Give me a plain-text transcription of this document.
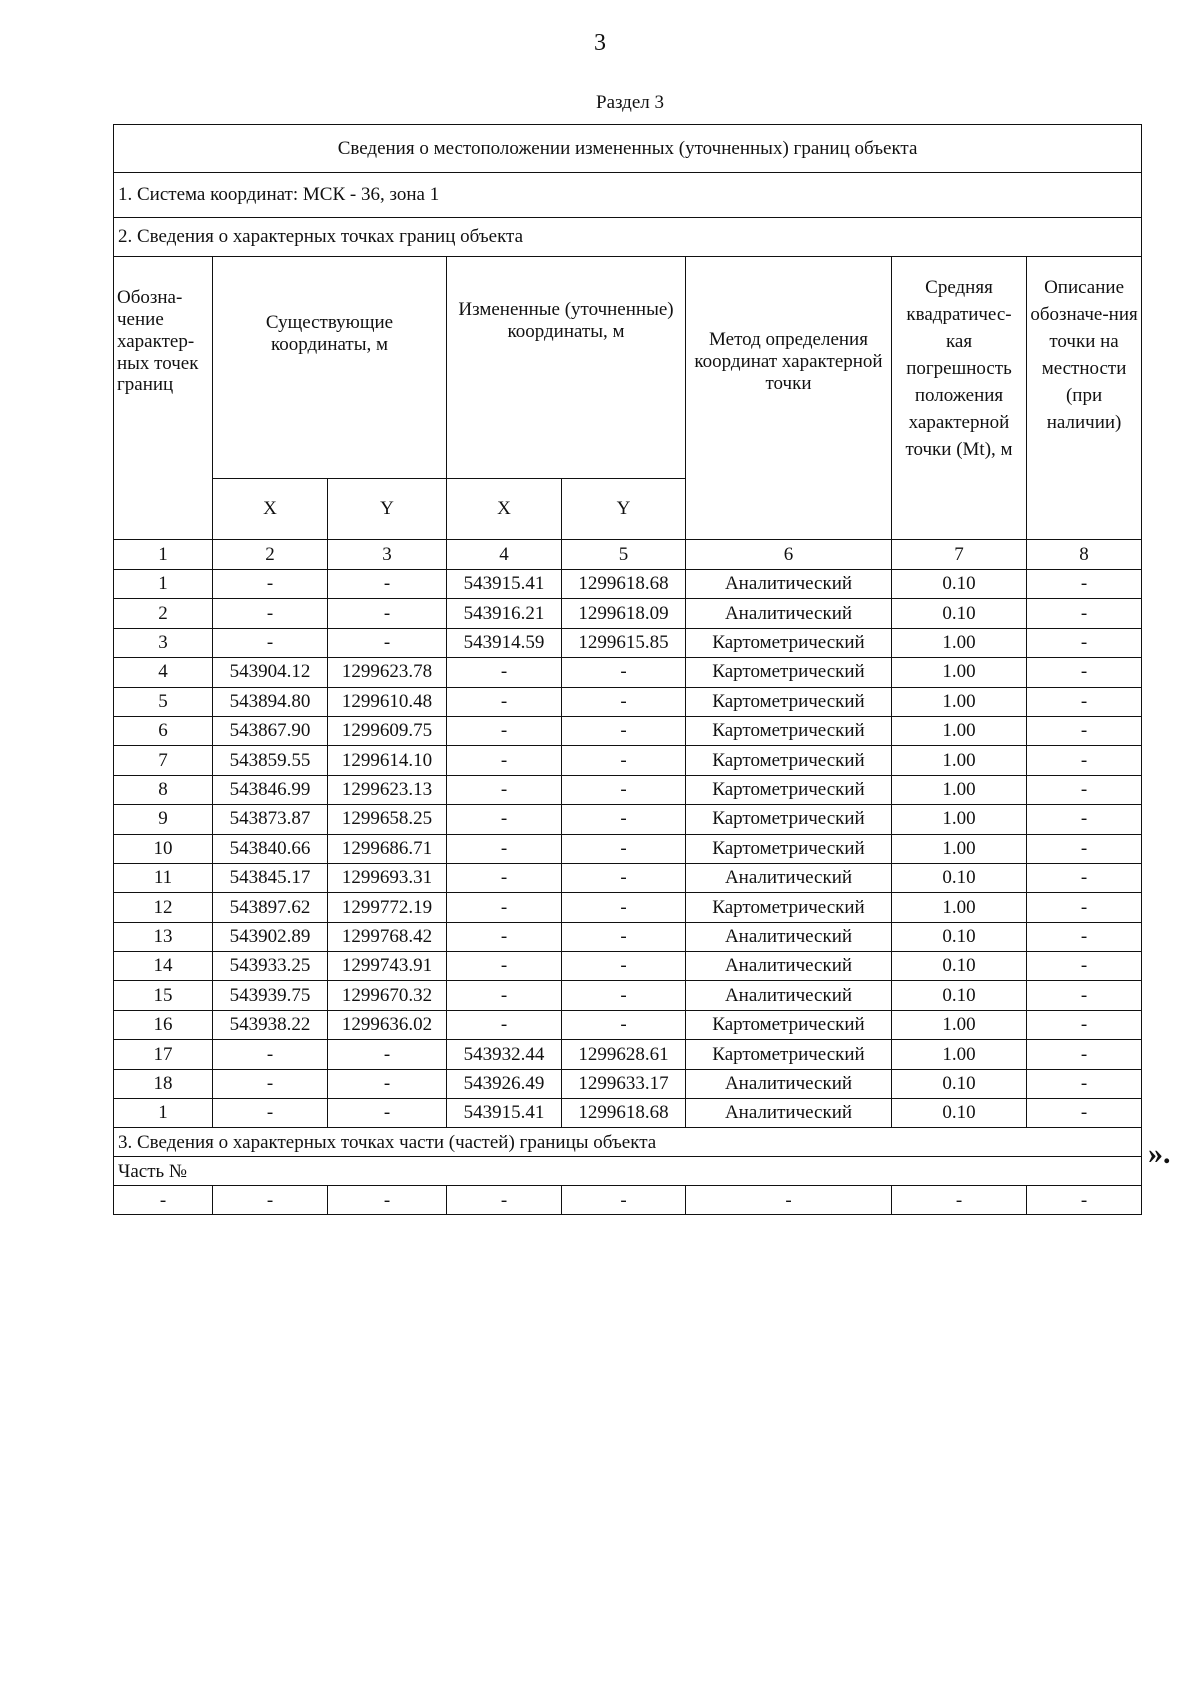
3
Раздел 3
Сведения о местоположении измененных (уточненных) границ объекта							
1. Система координат: МСК - 36, зона 1							
2. Сведения о характерных точках границ объекта							
Обозна-чение характер-ных точек границ	Существующие координаты, м		Измененные (уточненные) координаты, м		Метод определения координат характерной точки	Средняя квадратичес-кая погрешность положения характерной точки (Mt), м	Описание обозначе-ния точки на местности (при наличии)
	X	Y	X	Y			
1	2	3	4	5	6	7	8
1	-	-	543915.41	1299618.68	Аналитический	0.10	-
2	-	-	543916.21	1299618.09	Аналитический	0.10	-
3	-	-	543914.59	1299615.85	Картометрический	1.00	-
4	543904.12	1299623.78	-	-	Картометрический	1.00	-
5	543894.80	1299610.48	-	-	Картометрический	1.00	-
6	543867.90	1299609.75	-	-	Картометрический	1.00	-
7	543859.55	1299614.10	-	-	Картометрический	1.00	-
8	543846.99	1299623.13	-	-	Картометрический	1.00	-
9	543873.87	1299658.25	-	-	Картометрический	1.00	-
10	543840.66	1299686.71	-	-	Картометрический	1.00	-
11	543845.17	1299693.31	-	-	Аналитический	0.10	-
12	543897.62	1299772.19	-	-	Картометрический	1.00	-
13	543902.89	1299768.42	-	-	Аналитический	0.10	-
14	543933.25	1299743.91	-	-	Аналитический	0.10	-
15	543939.75	1299670.32	-	-	Аналитический	0.10	-
16	543938.22	1299636.02	-	-	Картометрический	1.00	-
17	-	-	543932.44	1299628.61	Картометрический	1.00	-
18	-	-	543926.49	1299633.17	Аналитический	0.10	-
1	-	-	543915.41	1299618.68	Аналитический	0.10	-
3. Сведения о характерных точках части (частей) границы объекта							
Часть №							
-	-	-	-	-	-	-	-
».
